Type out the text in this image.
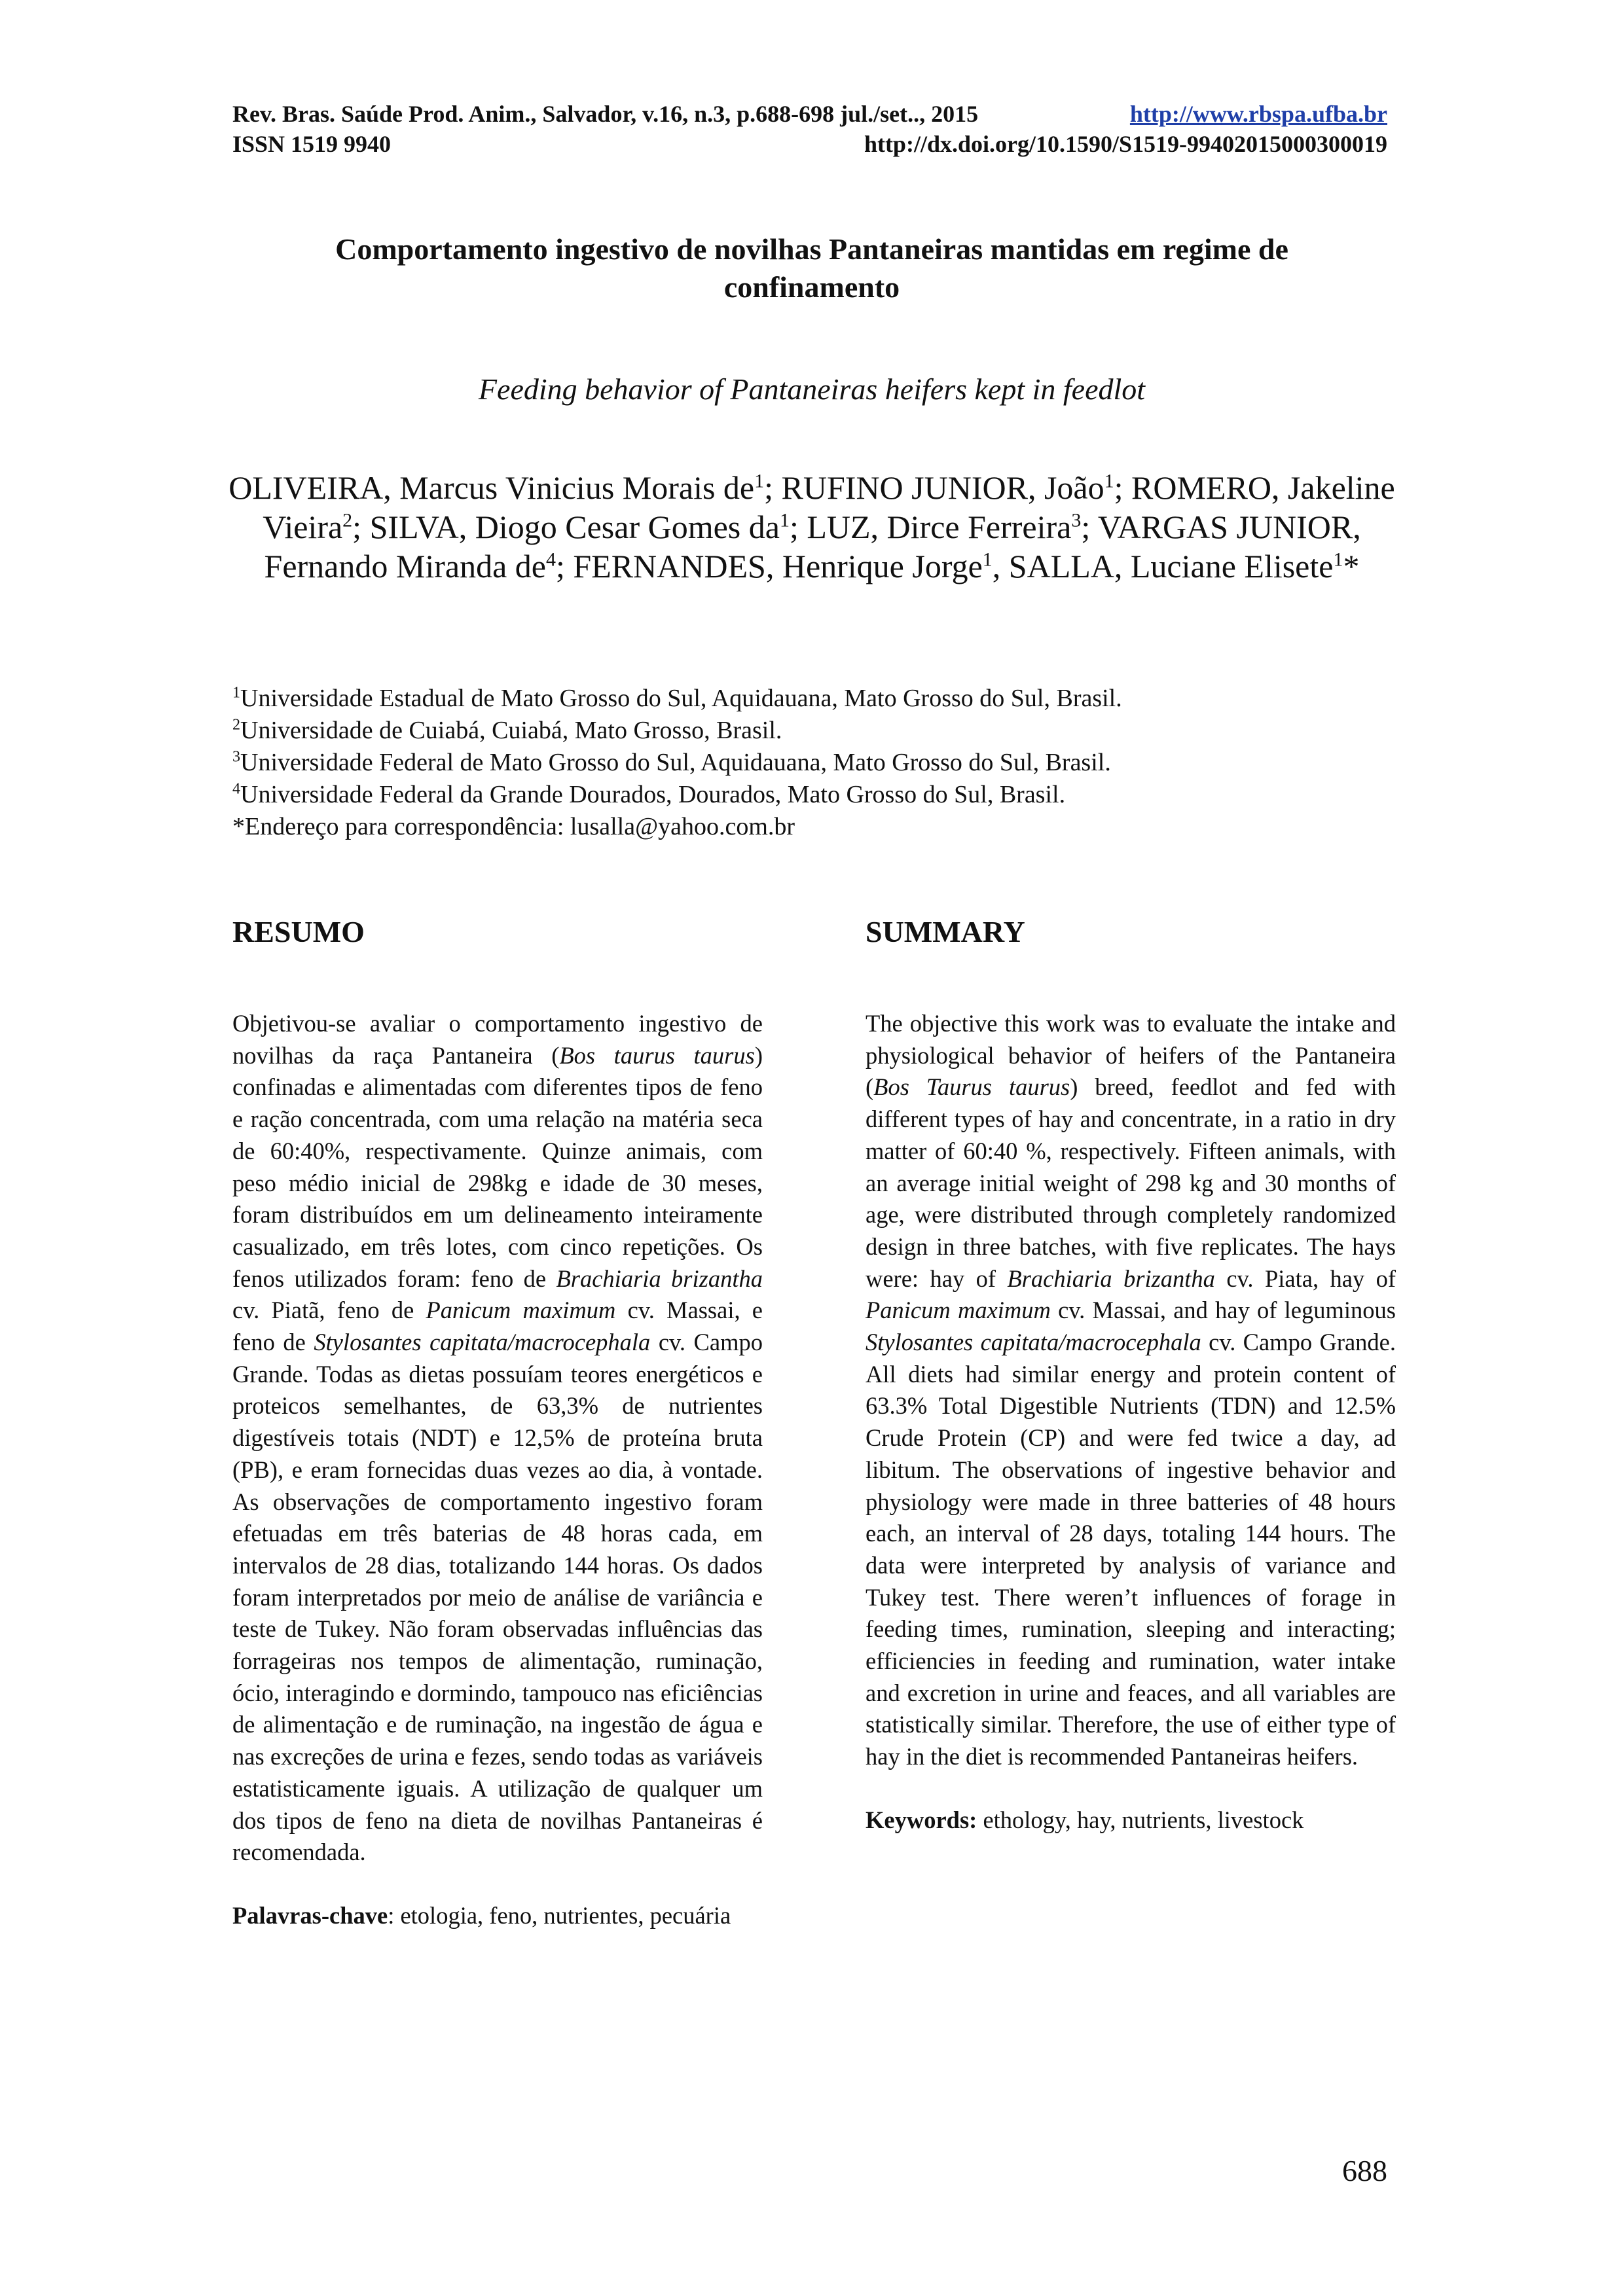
Rev. Bras. Saúde Prod. Anim., Salvador, v.16, n.3, p.688-698 jul./set.., 2015	http://www.rbspa.ufba.br
ISSN 1519 9940	http://dx.doi.org/10.1590/S1519-99402015000300019
Comportamento ingestivo de novilhas Pantaneiras mantidas em regime de
confinamento
Feeding behavior of Pantaneiras heifers kept in feedlot
OLIVEIRA, Marcus Vinicius Morais $de^1$; RUFINO JUNIOR, João$^1$; ROMERO, Jakeline Vieira$^2$; SILVA, Diogo Cesar Gomes $da^1$; LUZ, Dirce Ferreira$^3$; VARGAS JUNIOR, Fernando Miranda $de^4$; FERNANDES, Henrique Jorge$^1$, SALLA, Luciane Elisete$^1$*
$^1$Universidade Estadual de Mato Grosso do Sul, Aquidauana, Mato Grosso do Sul, Brasil.
$^2$Universidade de Cuiabá, Cuiabá, Mato Grosso, Brasil.
$^3$Universidade Federal de Mato Grosso do Sul, Aquidauana, Mato Grosso do Sul, Brasil.
$^4$Universidade Federal da Grande Dourados, Dourados, Mato Grosso do Sul, Brasil.
*Endereço para correspondência: lusalla@yahoo.com.br
RESUMO	SUMMARY

Objetivou-se avaliar o comportamento ingestivo de novilhas da raça Pantaneira (Bos taurus taurus) confinadas e alimentadas com diferentes tipos de feno e ração concentrada, com uma relação na matéria seca de 60:40%, respectivamente. Quinze animais, com peso médio inicial de 298kg e idade de 30 meses, foram distribuídos em um delineamento inteiramente casualizado, em três lotes, com cinco repetições. Os fenos utilizados foram: feno de Brachiaria brizantha cv. Piatã, feno de Panicum maximum cv. Massai, e feno de Stylosantes capitata/macrocephala cv. Campo Grande. Todas as dietas possuíam teores energéticos e proteicos semelhantes, de 63,3% de nutrientes digestíveis totais (NDT) e 12,5% de proteína bruta (PB), e eram fornecidas duas vezes ao dia, à vontade. As observações de comportamento ingestivo foram efetuadas em três baterias de 48 horas cada, em intervalos de 28 dias, totalizando 144 horas. Os dados foram interpretados por meio de análise de variância e teste de Tukey. Não foram observadas influências das forrageiras nos tempos de alimentação, ruminação, ócio, interagindo e dormindo, tampouco nas eficiências de alimentação e de ruminação, na ingestão de água e nas excreções de urina e fezes, sendo todas as variáveis estatisticamente iguais. A utilização de qualquer um dos tipos de feno na dieta de novilhas Pantaneiras é recomendada.

Palavras-chave: etologia, feno, nutrientes, pecuária

The objective this work was to evaluate the intake and physiological behavior of heifers of the Pantaneira (Bos Taurus taurus) breed, feedlot and fed with different types of hay and concentrate, in a ratio in dry matter of 60:40 %, respectively. Fifteen animals, with an average initial weight of 298 kg and 30 months of age, were distributed through completely randomized design in three batches, with five replicates. The hays were: hay of Brachiaria brizantha cv. Piata, hay of Panicum maximum cv. Massai, and hay of leguminous Stylosantes capitata/macrocephala cv. Campo Grande. All diets had similar energy and protein content of 63.3% Total Digestible Nutrients (TDN) and 12.5% Crude Protein (CP) and were fed twice a day, ad libitum. The observations of ingestive behavior and physiology were made in three batteries of 48 hours each, an interval of 28 days, totaling 144 hours. The data were interpreted by analysis of variance and Tukey test. There weren’t influences of forage in feeding times, rumination, sleeping and interacting; efficiencies in feeding and rumination, water intake and excretion in urine and feaces, and all variables are statistically similar. Therefore, the use of either type of hay in the diet is recommended Pantaneiras heifers.

Keywords: ethology, hay, nutrients, livestock

688
